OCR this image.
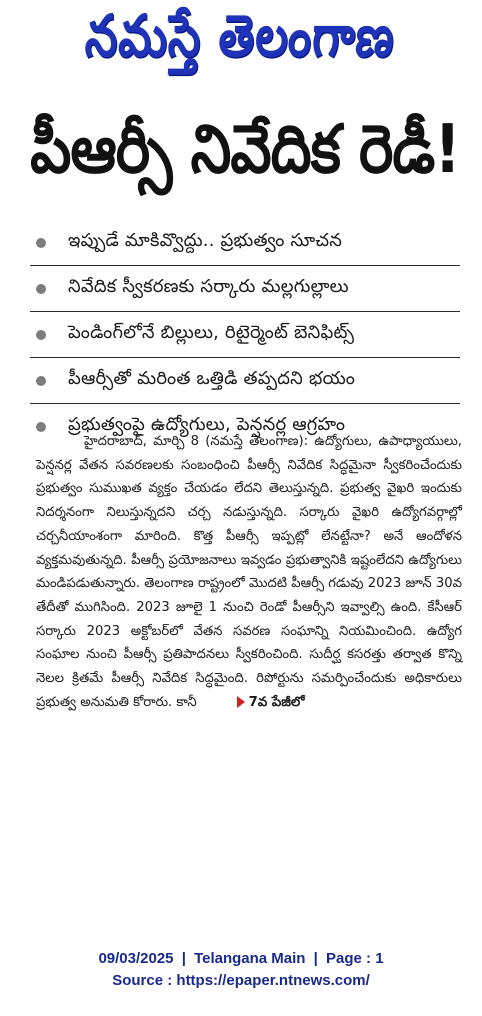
నమస్తే తెలంగాణ
పీఆర్సీ నివేదిక రెడీ!
ఇప్పుడే మాకివ్వొద్దు.. ప్రభుత్వం సూచన
నివేదిక స్వీకరణకు సర్కారు మల్లగుల్లాలు
పెండింగ్‌లోనే బిల్లులు, రిటైర్మెంట్ బెనిఫిట్స్
పీఆర్సీతో మరింత ఒత్తిడి తప్పదని భయం
ప్రభుత్వంపై ఉద్యోగులు, పెన్షనర్ల ఆగ్రహం

హైదరాబాద్, మార్చి 8 (నమస్తే తెలంగాణ): ఉద్యోగులు, ఉపాధ్యాయులు, పెన్షనర్ల వేతన సవరణలకు సంబంధించి పీఆర్సీ నివేదిక సిద్ధమైనా స్వీకరించేందుకు ప్రభుత్వం సుముఖత వ్యక్తం చేయడం లేదని తెలుస్తున్నది. ప్రభుత్వ వైఖరి ఇందుకు నిదర్శనంగా నిలుస్తున్నదని చర్చ నడుస్తున్నది. సర్కారు వైఖరి ఉద్యోగవర్గాల్లో చర్చనీయాంశంగా మారింది. కొత్త పీఆర్సీ ఇప్పట్లో లేనట్టేనా? అనే ఆందోళన వ్యక్తమవుతున్నది. పీఆర్సీ ప్రయోజనాలు ఇవ్వడం ప్రభుత్వానికి ఇష్టంలేదని ఉద్యోగులు మండిపడుతున్నారు. తెలంగాణ రాష్ట్రంలో మొదటి పీఆర్సీ గడువు 2023 జూన్ 30వ తేదీతో ముగిసింది. 2023 జూలై 1 నుంచి రెండో పీఆర్సీని ఇవ్వాల్సి ఉంది. కేసీఆర్ సర్కారు 2023 అక్టోబర్‌లో వేతన సవరణ సంఘాన్ని నియమించింది. ఉద్యోగ సంఘాల నుంచి పీఆర్సీ ప్రతిపాదనలు స్వీకరించింది. సుదీర్ఘ కసరత్తు తర్వాత కొన్ని నెలల క్రితమే పీఆర్సీ నివేదిక సిద్ధమైంది. రిపోర్టును సమర్పించేందుకు అధికారులు ప్రభుత్వ అనుమతి కోరారు. కానీ	7వ పేజీలో

09/03/2025 | Telangana Main | Page : 1
Source : https://epaper.ntnews.com/
